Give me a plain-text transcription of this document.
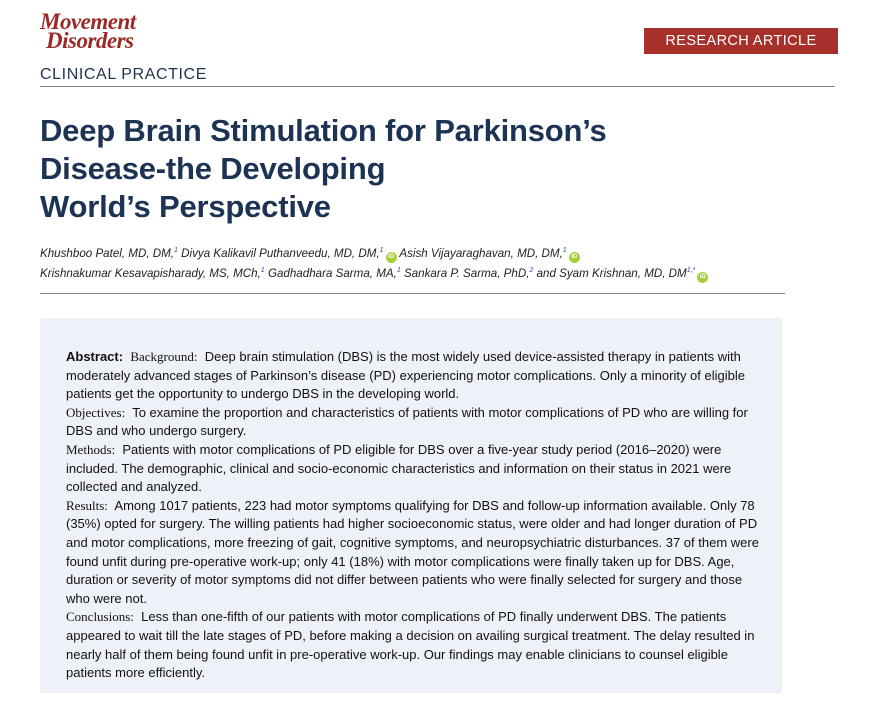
Movement
Disorders	RESEARCH ARTICLE
CLINICAL PRACTICE
Deep Brain Stimulation for Parkinson’s
Disease-the Developing
World’s Perspective
Khushboo Patel, MD, DM,$^1$ Divya Kalikavil Puthanveedu, MD, DM,$^1$iD Asish Vijayaraghavan, MD, DM,$^1$iD
Krishnakumar Kesavapisharady, MS, MCh,$^1$ Gadhadhara Sarma, MA,$^1$ Sankara P. Sarma, PhD,$^2$ and Syam Krishnan, MD, $DM^{1,*}iD$

Abstract: Background: Deep brain stimulation (DBS) is the most widely used device-assisted therapy in patients with moderately advanced stages of Parkinson’s disease (PD) experiencing motor complications. Only a minority of eligible patients get the opportunity to undergo DBS in the developing world.

Objectives: To examine the proportion and characteristics of patients with motor complications of PD who are willing for DBS and who undergo surgery.

Methods: Patients with motor complications of PD eligible for DBS over a five-year study period (2016–2020) were included. The demographic, clinical and socio-economic characteristics and information on their status in 2021 were collected and analyzed.

Results: Among 1017 patients, 223 had motor symptoms qualifying for DBS and follow-up information available. Only 78 (35%) opted for surgery. The willing patients had higher socioeconomic status, were older and had longer duration of PD and motor complications, more freezing of gait, cognitive symptoms, and neuropsychiatric disturbances. 37 of them were found unfit during pre-operative work-up; only 41 (18%) with motor complications were finally taken up for DBS. Age, duration or severity of motor symptoms did not differ between patients who were finally selected for surgery and those who were not.

Conclusions: Less than one-fifth of our patients with motor complications of PD finally underwent DBS. The patients appeared to wait till the late stages of PD, before making a decision on availing surgical treatment. The delay resulted in nearly half of them being found unfit in pre-operative work-up. Our findings may enable clinicians to counsel eligible patients more efficiently.
